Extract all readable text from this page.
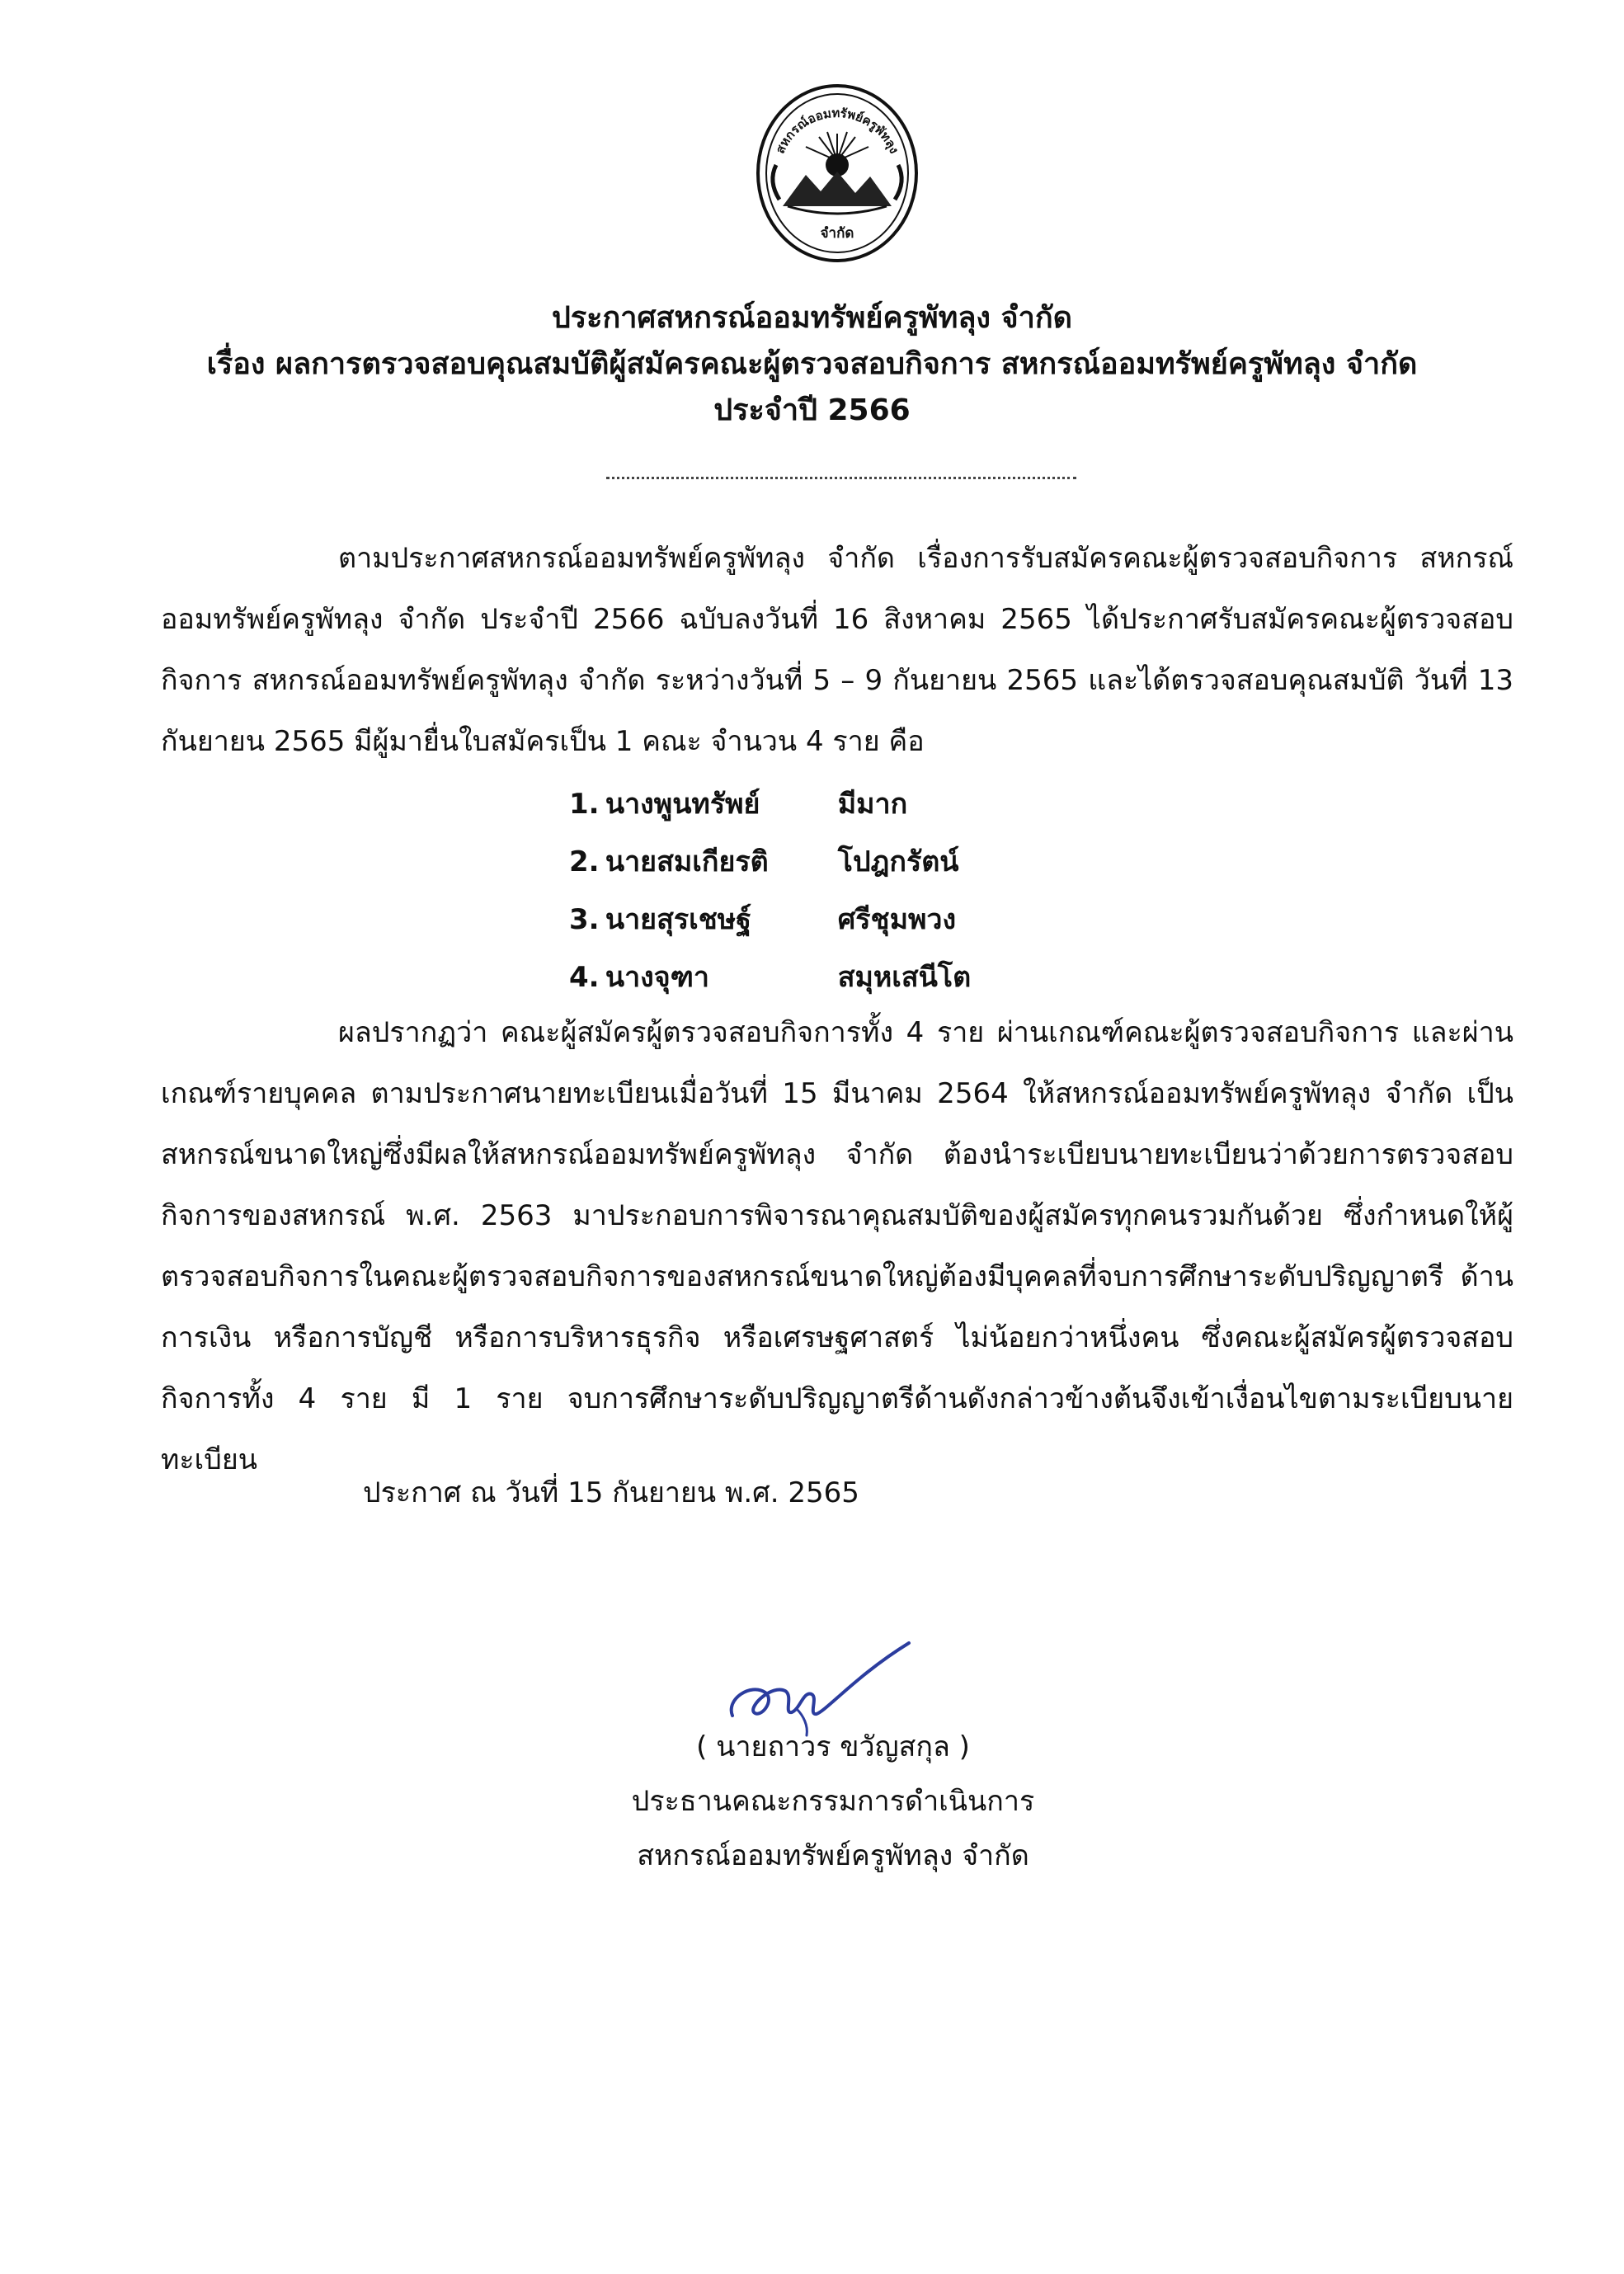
สหกรณ์ออมทรัพย์ครูพัทลุง
จำกัด
ประกาศสหกรณ์ออมทรัพย์ครูพัทลุง จำกัด
เรื่อง ผลการตรวจสอบคุณสมบัติผู้สมัครคณะผู้ตรวจสอบกิจการ สหกรณ์ออมทรัพย์ครูพัทลุง จำกัด
ประจำปี 2566
ตามประกาศสหกรณ์ออมทรัพย์ครูพัทลุง จำกัด เรื่องการรับสมัครคณะผู้ตรวจสอบกิจการ สหกรณ์ออมทรัพย์ครูพัทลุง จำกัด ประจำปี 2566 ฉบับลงวันที่ 16 สิงหาคม 2565 ได้ประกาศรับสมัครคณะผู้ตรวจสอบกิจการ สหกรณ์ออมทรัพย์ครูพัทลุง จำกัด ระหว่างวันที่ 5 – 9 กันยายน 2565 และได้ตรวจสอบคุณสมบัติ วันที่ 13 กันยายน 2565 มีผู้มายื่นใบสมัครเป็น 1 คณะ จำนวน 4 ราย คือ
1. นางพูนทรัพย์	มีมาก
2. นายสมเกียรติ โปฎกรัตน์
3. นายสุรเชษฐ์	ศรีชุมพวง
4. นางจุฑา	สมุหเสนีโต
ผลปรากฏว่า คณะผู้สมัครผู้ตรวจสอบกิจการทั้ง 4 ราย ผ่านเกณฑ์คณะผู้ตรวจสอบกิจการ และผ่านเกณฑ์รายบุคคล ตามประกาศนายทะเบียนเมื่อวันที่ 15 มีนาคม 2564 ให้สหกรณ์ออมทรัพย์ครูพัทลุง จำกัด เป็นสหกรณ์ขนาดใหญ่ซึ่งมีผลให้สหกรณ์ออมทรัพย์ครูพัทลุง จำกัด ต้องนำระเบียบนายทะเบียนว่าด้วยการตรวจสอบกิจการของสหกรณ์ พ.ศ. 2563 มาประกอบการพิจารณาคุณสมบัติของผู้สมัครทุกคนรวมกันด้วย ซึ่งกำหนดให้ผู้ตรวจสอบกิจการในคณะผู้ตรวจสอบกิจการของสหกรณ์ขนาดใหญ่ต้องมีบุคคลที่จบการศึกษาระดับปริญญาตรี ด้านการเงิน หรือการบัญชี หรือการบริหารธุรกิจ หรือเศรษฐศาสตร์ ไม่น้อยกว่าหนึ่งคน ซึ่งคณะผู้สมัครผู้ตรวจสอบกิจการทั้ง 4 ราย มี 1 ราย จบการศึกษาระดับปริญญาตรีด้านดังกล่าวข้างต้นจึงเข้าเงื่อนไขตามระเบียบนายทะเบียน
ประกาศ ณ วันที่ 15 กันยายน พ.ศ. 2565
( นายถาวร ขวัญสกุล )
ประธานคณะกรรมการดำเนินการ
สหกรณ์ออมทรัพย์ครูพัทลุง จำกัด
